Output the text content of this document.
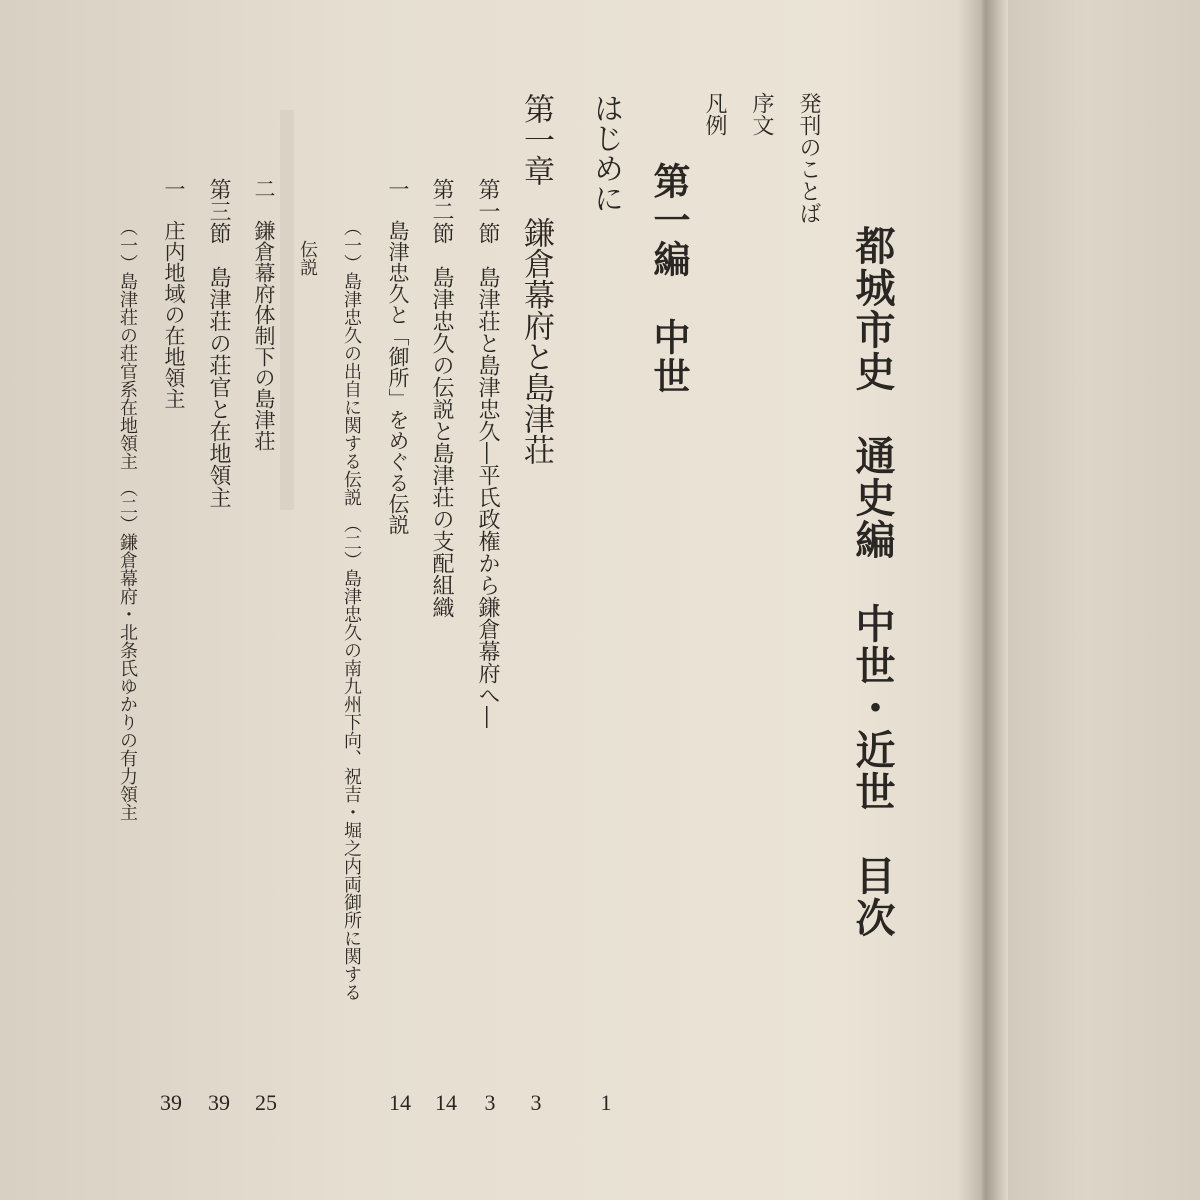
都城市史　通史編　中世・近世　目次
発刊のことば
序文
凡例
第一編　中世
はじめに
1
第一章　鎌倉幕府と島津荘
3
第一節　島津荘と島津忠久―平氏政権から鎌倉幕府へ―
3
第二節　島津忠久の伝説と島津荘の支配組織
14
一　島津忠久と「御所」をめぐる伝説
14
（一）島津忠久の出自に関する伝説　（二）島津忠久の南九州下向、祝吉・堀之内両御所に関する
伝説
二　鎌倉幕府体制下の島津荘
25
第三節　島津荘の荘官と在地領主
39
一　庄内地域の在地領主
39
（一）島津荘の荘官系在地領主　（二）鎌倉幕府・北条氏ゆかりの有力領主
